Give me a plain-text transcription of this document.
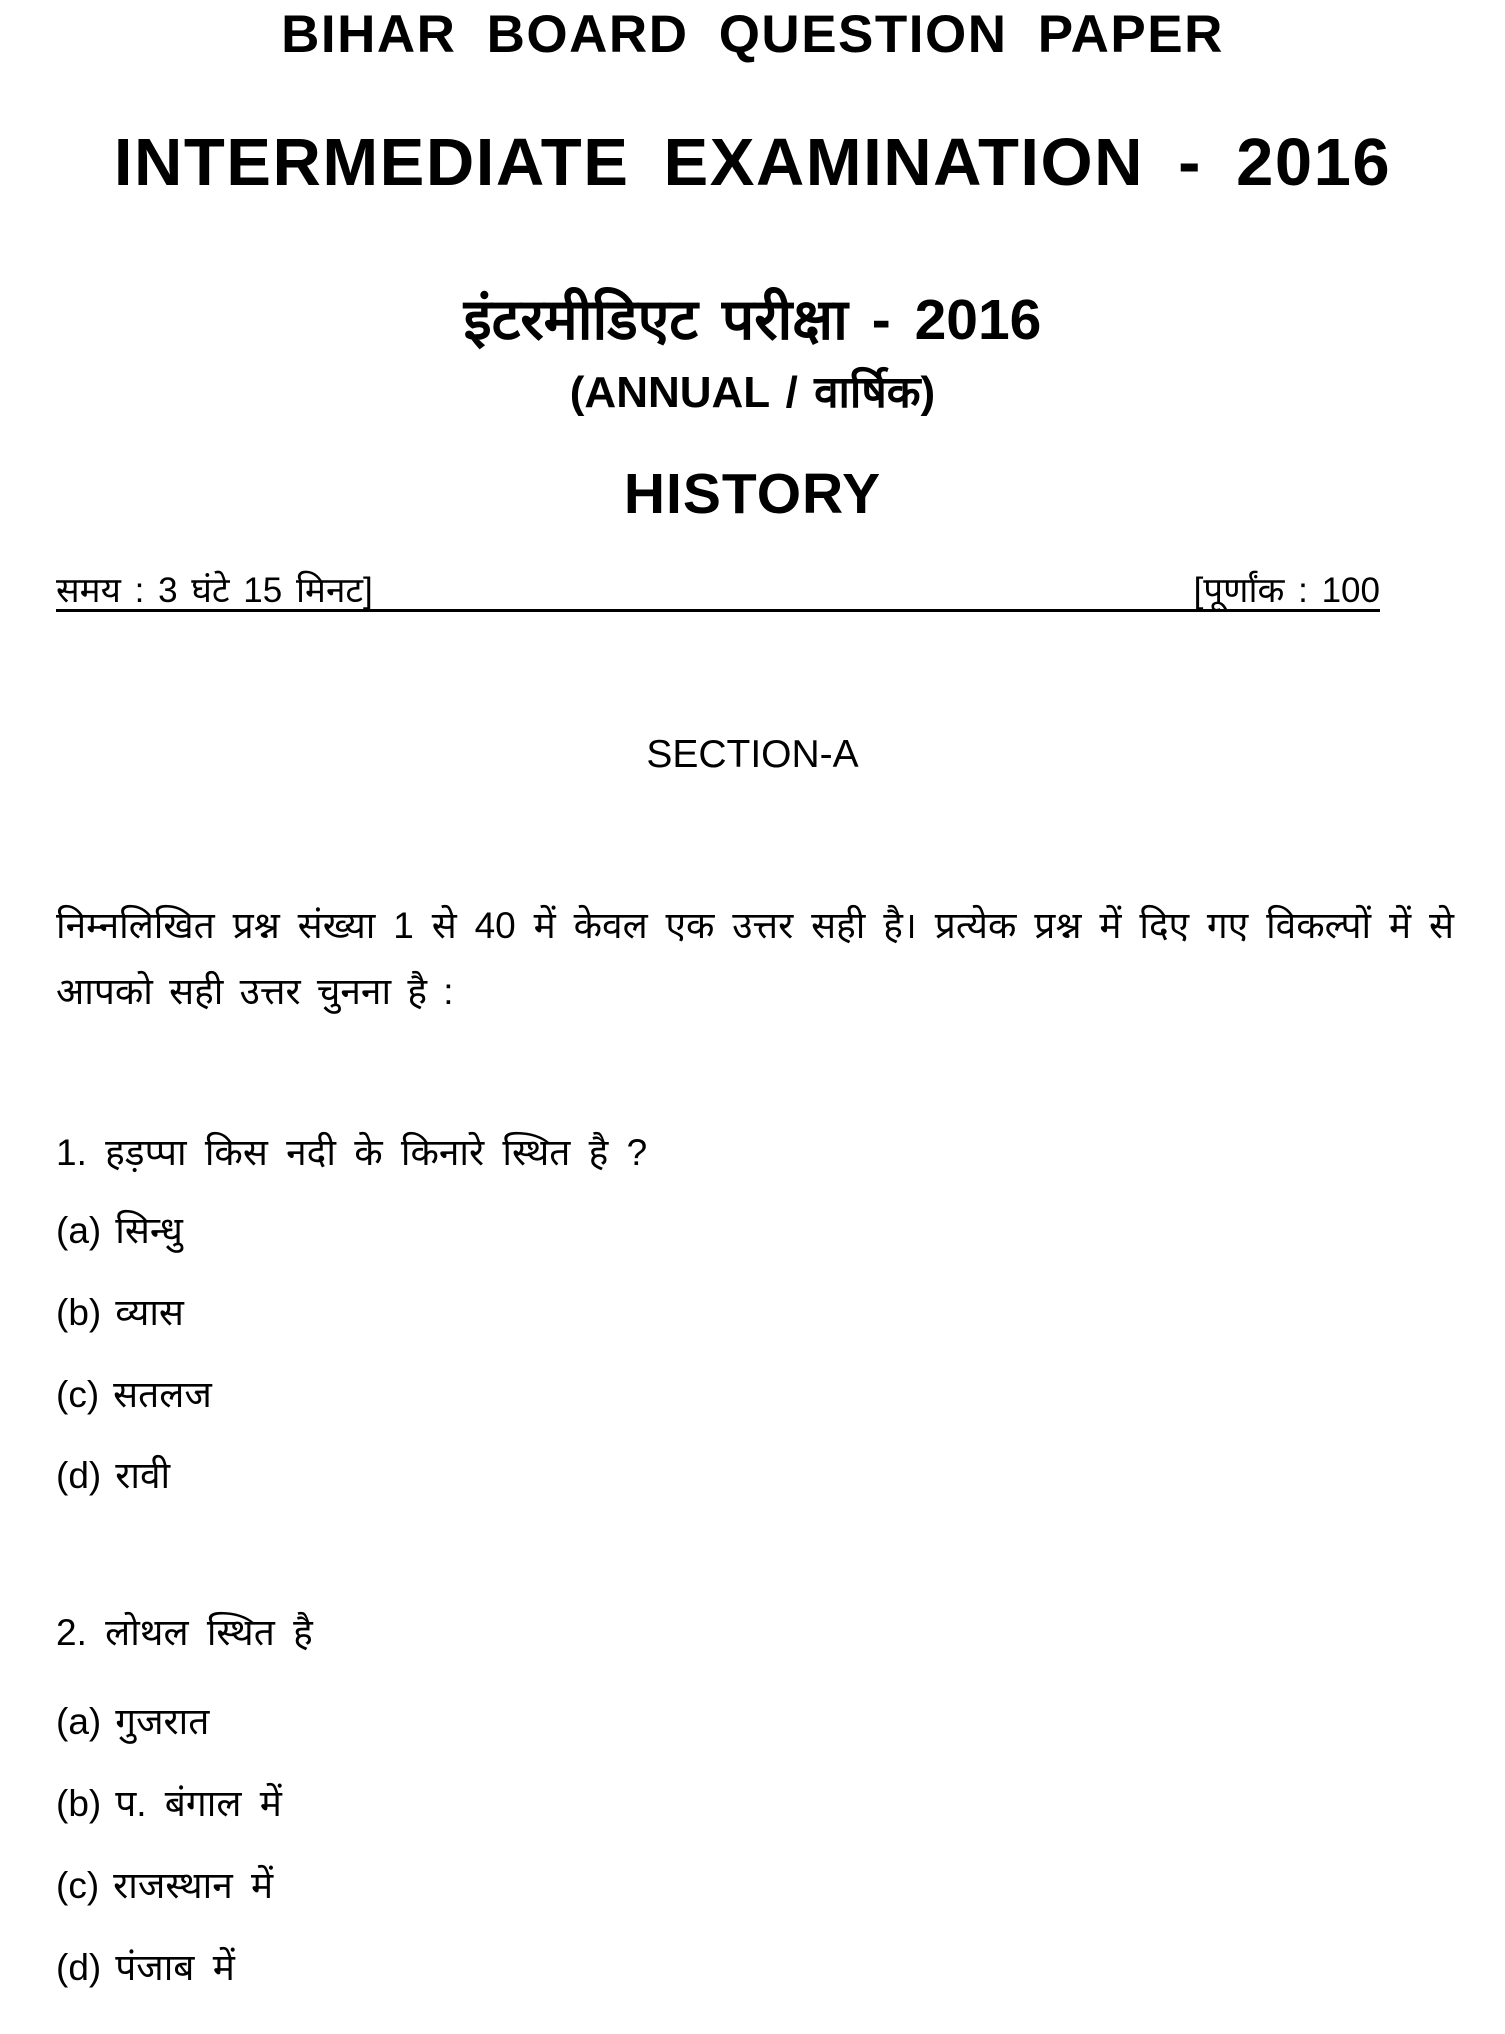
BIHAR BOARD QUESTION PAPER
INTERMEDIATE EXAMINATION - 2016
इंटरमीडिएट परीक्षा - 2016
(ANNUAL / वार्षिक)
HISTORY
समय : 3 घंटे 15 मिनट]	[पूर्णांक : 100
SECTION-A
निम्नलिखित प्रश्न संख्या 1 से 40 में केवल एक उत्तर सही है। प्रत्येक प्रश्न में दिए गए विकल्पों में से आपको सही उत्तर चुनना है :
1. हड़प्पा किस नदी के किनारे स्थित है ?
(a) सिन्धु
(b) व्यास
(c) सतलज
(d) रावी
2. लोथल स्थित है
(a) गुजरात
(b) प. बंगाल में
(c) राजस्थान में
(d) पंजाब में
